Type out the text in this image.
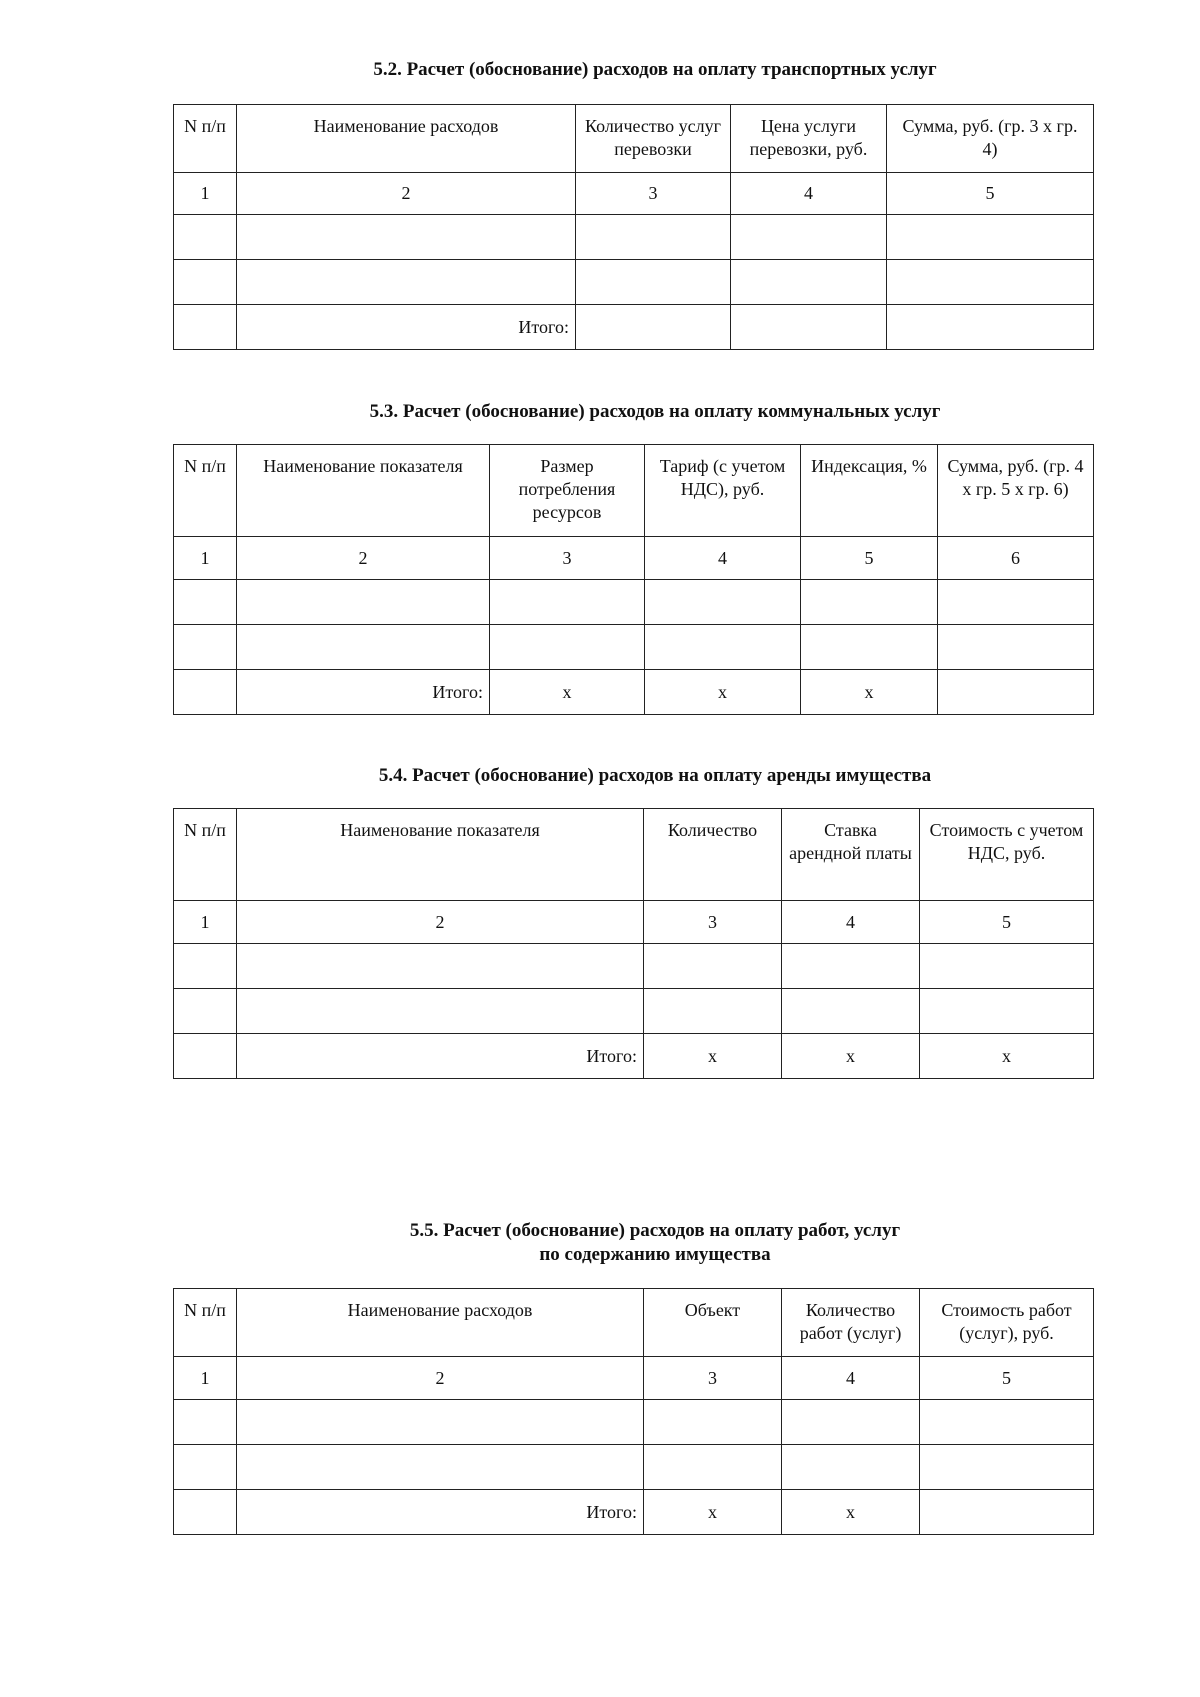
5.2. Расчет (обоснование) расходов на оплату транспортных услуг
N п/п	Наименование расходов	Количество услуг перевозки	Цена услуги перевозки, руб.	Сумма, руб. (гр. 3 x гр. 4)
1	2	3	4	5

	Итого:			
5.3. Расчет (обоснование) расходов на оплату коммунальных услуг
N п/п	Наименование показателя	Размер потребления ресурсов	Тариф (с учетом НДС), руб.	Индексация, %	Сумма, руб. (гр. 4 x гр. 5 x гр. 6)
1	2	3	4	5	6

	Итого:	x	x	x	
5.4. Расчет (обоснование) расходов на оплату аренды имущества
N п/п	Наименование показателя	Количество	Ставка арендной платы	Стоимость с учетом НДС, руб.
1	2	3	4	5

	Итого:	x	x	x
5.5. Расчет (обоснование) расходов на оплату работ, услуг
по содержанию имущества
N п/п	Наименование расходов	Объект	Количество работ (услуг)	Стоимость работ (услуг), руб.
1	2	3	4	5

	Итого:	x	x	
